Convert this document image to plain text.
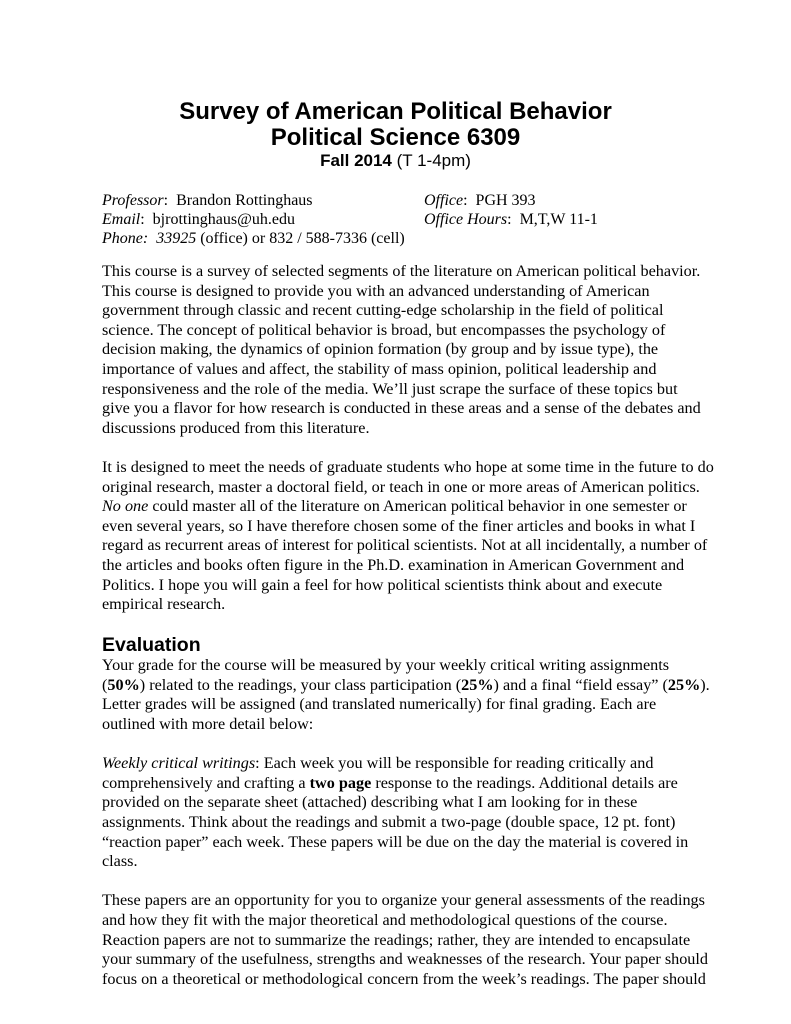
Survey of American Political Behavior
Political Science 6309
Fall 2014 (T 1-4pm)
Professor:  Brandon Rottinghaus
Email:  bjrottinghaus@uh.edu
Phone: 33925 (office) or 832 / 588-7336 (cell)
Office:  PGH 393
Office Hours:  M,T,W 11-1

This course is a survey of selected segments of the literature on American political behavior.
This course is designed to provide you with an advanced understanding of American
government through classic and recent cutting-edge scholarship in the field of political
science. The concept of political behavior is broad, but encompasses the psychology of
decision making, the dynamics of opinion formation (by group and by issue type), the
importance of values and affect, the stability of mass opinion, political leadership and
responsiveness and the role of the media. We’ll just scrape the surface of these topics but
give you a flavor for how research is conducted in these areas and a sense of the debates and
discussions produced from this literature.

It is designed to meet the needs of graduate students who hope at some time in the future to do
original research, master a doctoral field, or teach in one or more areas of American politics.
No one could master all of the literature on American political behavior in one semester or
even several years, so I have therefore chosen some of the finer articles and books in what I
regard as recurrent areas of interest for political scientists. Not at all incidentally, a number of
the articles and books often figure in the Ph.D. examination in American Government and
Politics. I hope you will gain a feel for how political scientists think about and execute
empirical research.

Evaluation

Your grade for the course will be measured by your weekly critical writing assignments
(50%) related to the readings, your class participation (25%) and a final “field essay” (25%).
Letter grades will be assigned (and translated numerically) for final grading. Each are
outlined with more detail below:

Weekly critical writings: Each week you will be responsible for reading critically and
comprehensively and crafting a two page response to the readings. Additional details are
provided on the separate sheet (attached) describing what I am looking for in these
assignments. Think about the readings and submit a two-page (double space, 12 pt. font)
“reaction paper” each week. These papers will be due on the day the material is covered in
class.

These papers are an opportunity for you to organize your general assessments of the readings
and how they fit with the major theoretical and methodological questions of the course.
Reaction papers are not to summarize the readings; rather, they are intended to encapsulate
your summary of the usefulness, strengths and weaknesses of the research. Your paper should
focus on a theoretical or methodological concern from the week’s readings. The paper should
